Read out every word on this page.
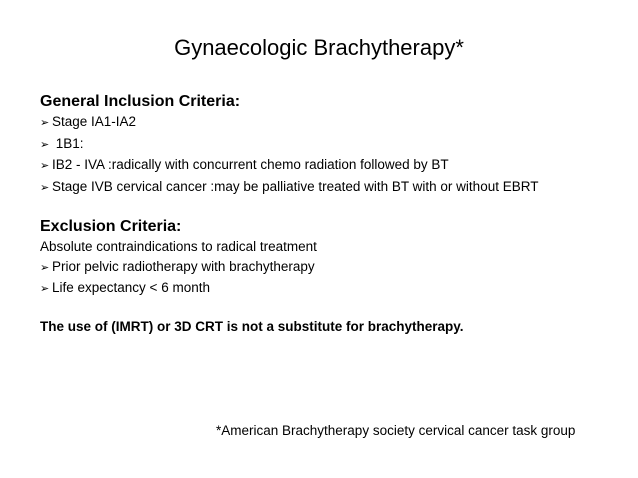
Gynaecologic Brachytherapy*
General Inclusion Criteria:
➢ Stage IA1-IA2
➢ 1B1:
➢ IB2 - IVA :radically with concurrent chemo radiation followed by BT
➢ Stage IVB cervical cancer :may be palliative treated with BT with or without EBRT
Exclusion Criteria:
Absolute contraindications to radical treatment
➢ Prior pelvic radiotherapy with brachytherapy
➢ Life expectancy < 6 month
The use of (IMRT) or 3D CRT is not a substitute for brachytherapy.
*American Brachytherapy society cervical cancer task group
